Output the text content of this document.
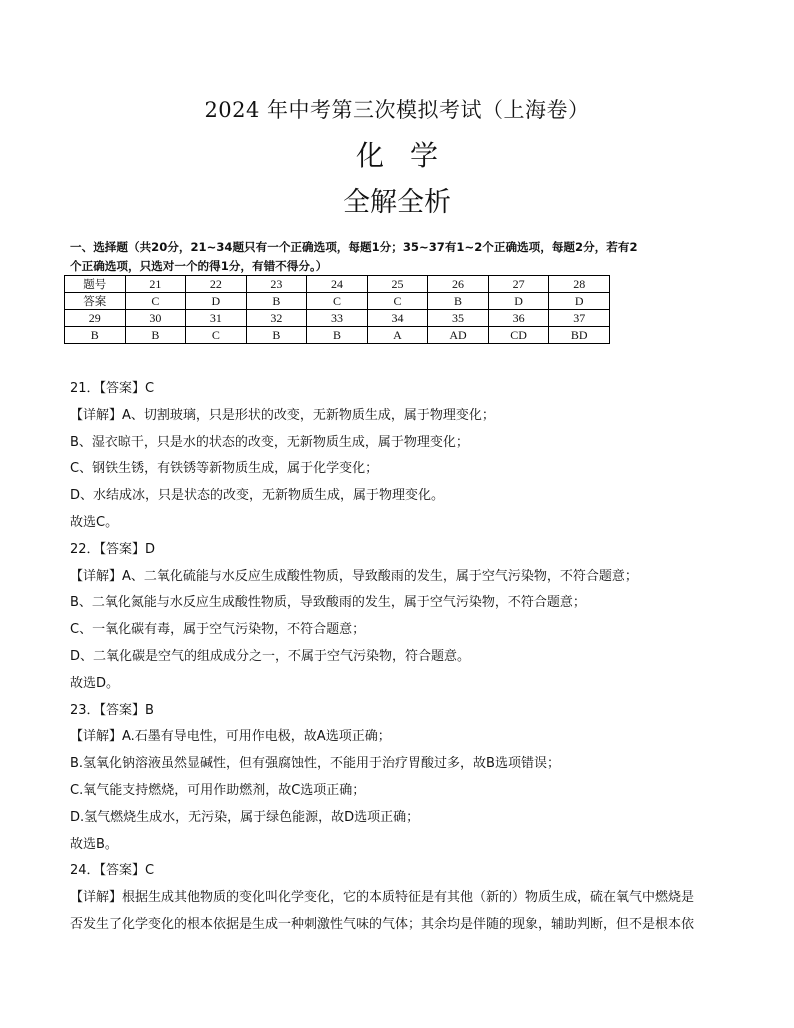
2024 年中考第三次模拟考试（上海卷）
化学
全解全析
一、选择题（共20分，21~34题只有一个正确选项，每题1分；35~37有1~2个正确选项，每题2分，若有2
个正确选项，只选对一个的得1分，有错不得分。）
题号	21	22	23	24	25	26	27	28
答案	C	D	B	C	C	B	D	D
29	30	31	32	33	34	35	36	37
B	B	C	B	B	A	AD	CD	BD
21．【答案】C
【详解】A、切割玻璃，只是形状的改变，无新物质生成，属于物理变化；
B、湿衣晾干，只是水的状态的改变，无新物质生成，属于物理变化；
C、钢铁生锈，有铁锈等新物质生成，属于化学变化；
D、水结成冰，只是状态的改变，无新物质生成，属于物理变化。
故选C。
22．【答案】D
【详解】A、二氧化硫能与水反应生成酸性物质，导致酸雨的发生，属于空气污染物，不符合题意；
B、二氧化氮能与水反应生成酸性物质，导致酸雨的发生，属于空气污染物，不符合题意；
C、一氧化碳有毒，属于空气污染物，不符合题意；
D、二氧化碳是空气的组成成分之一，不属于空气污染物，符合题意。
故选D。
23．【答案】B
【详解】A.石墨有导电性，可用作电极，故A选项正确；
B.氢氧化钠溶液虽然显碱性，但有强腐蚀性，不能用于治疗胃酸过多，故B选项错误；
C.氧气能支持燃烧，可用作助燃剂，故C选项正确；
D.氢气燃烧生成水，无污染，属于绿色能源，故D选项正确；
故选B。
24．【答案】C
【详解】根据生成其他物质的变化叫化学变化，它的本质特征是有其他（新的）物质生成，硫在氧气中燃烧是
否发生了化学变化的根本依据是生成一种刺激性气味的气体；其余均是伴随的现象，辅助判断，但不是根本依
